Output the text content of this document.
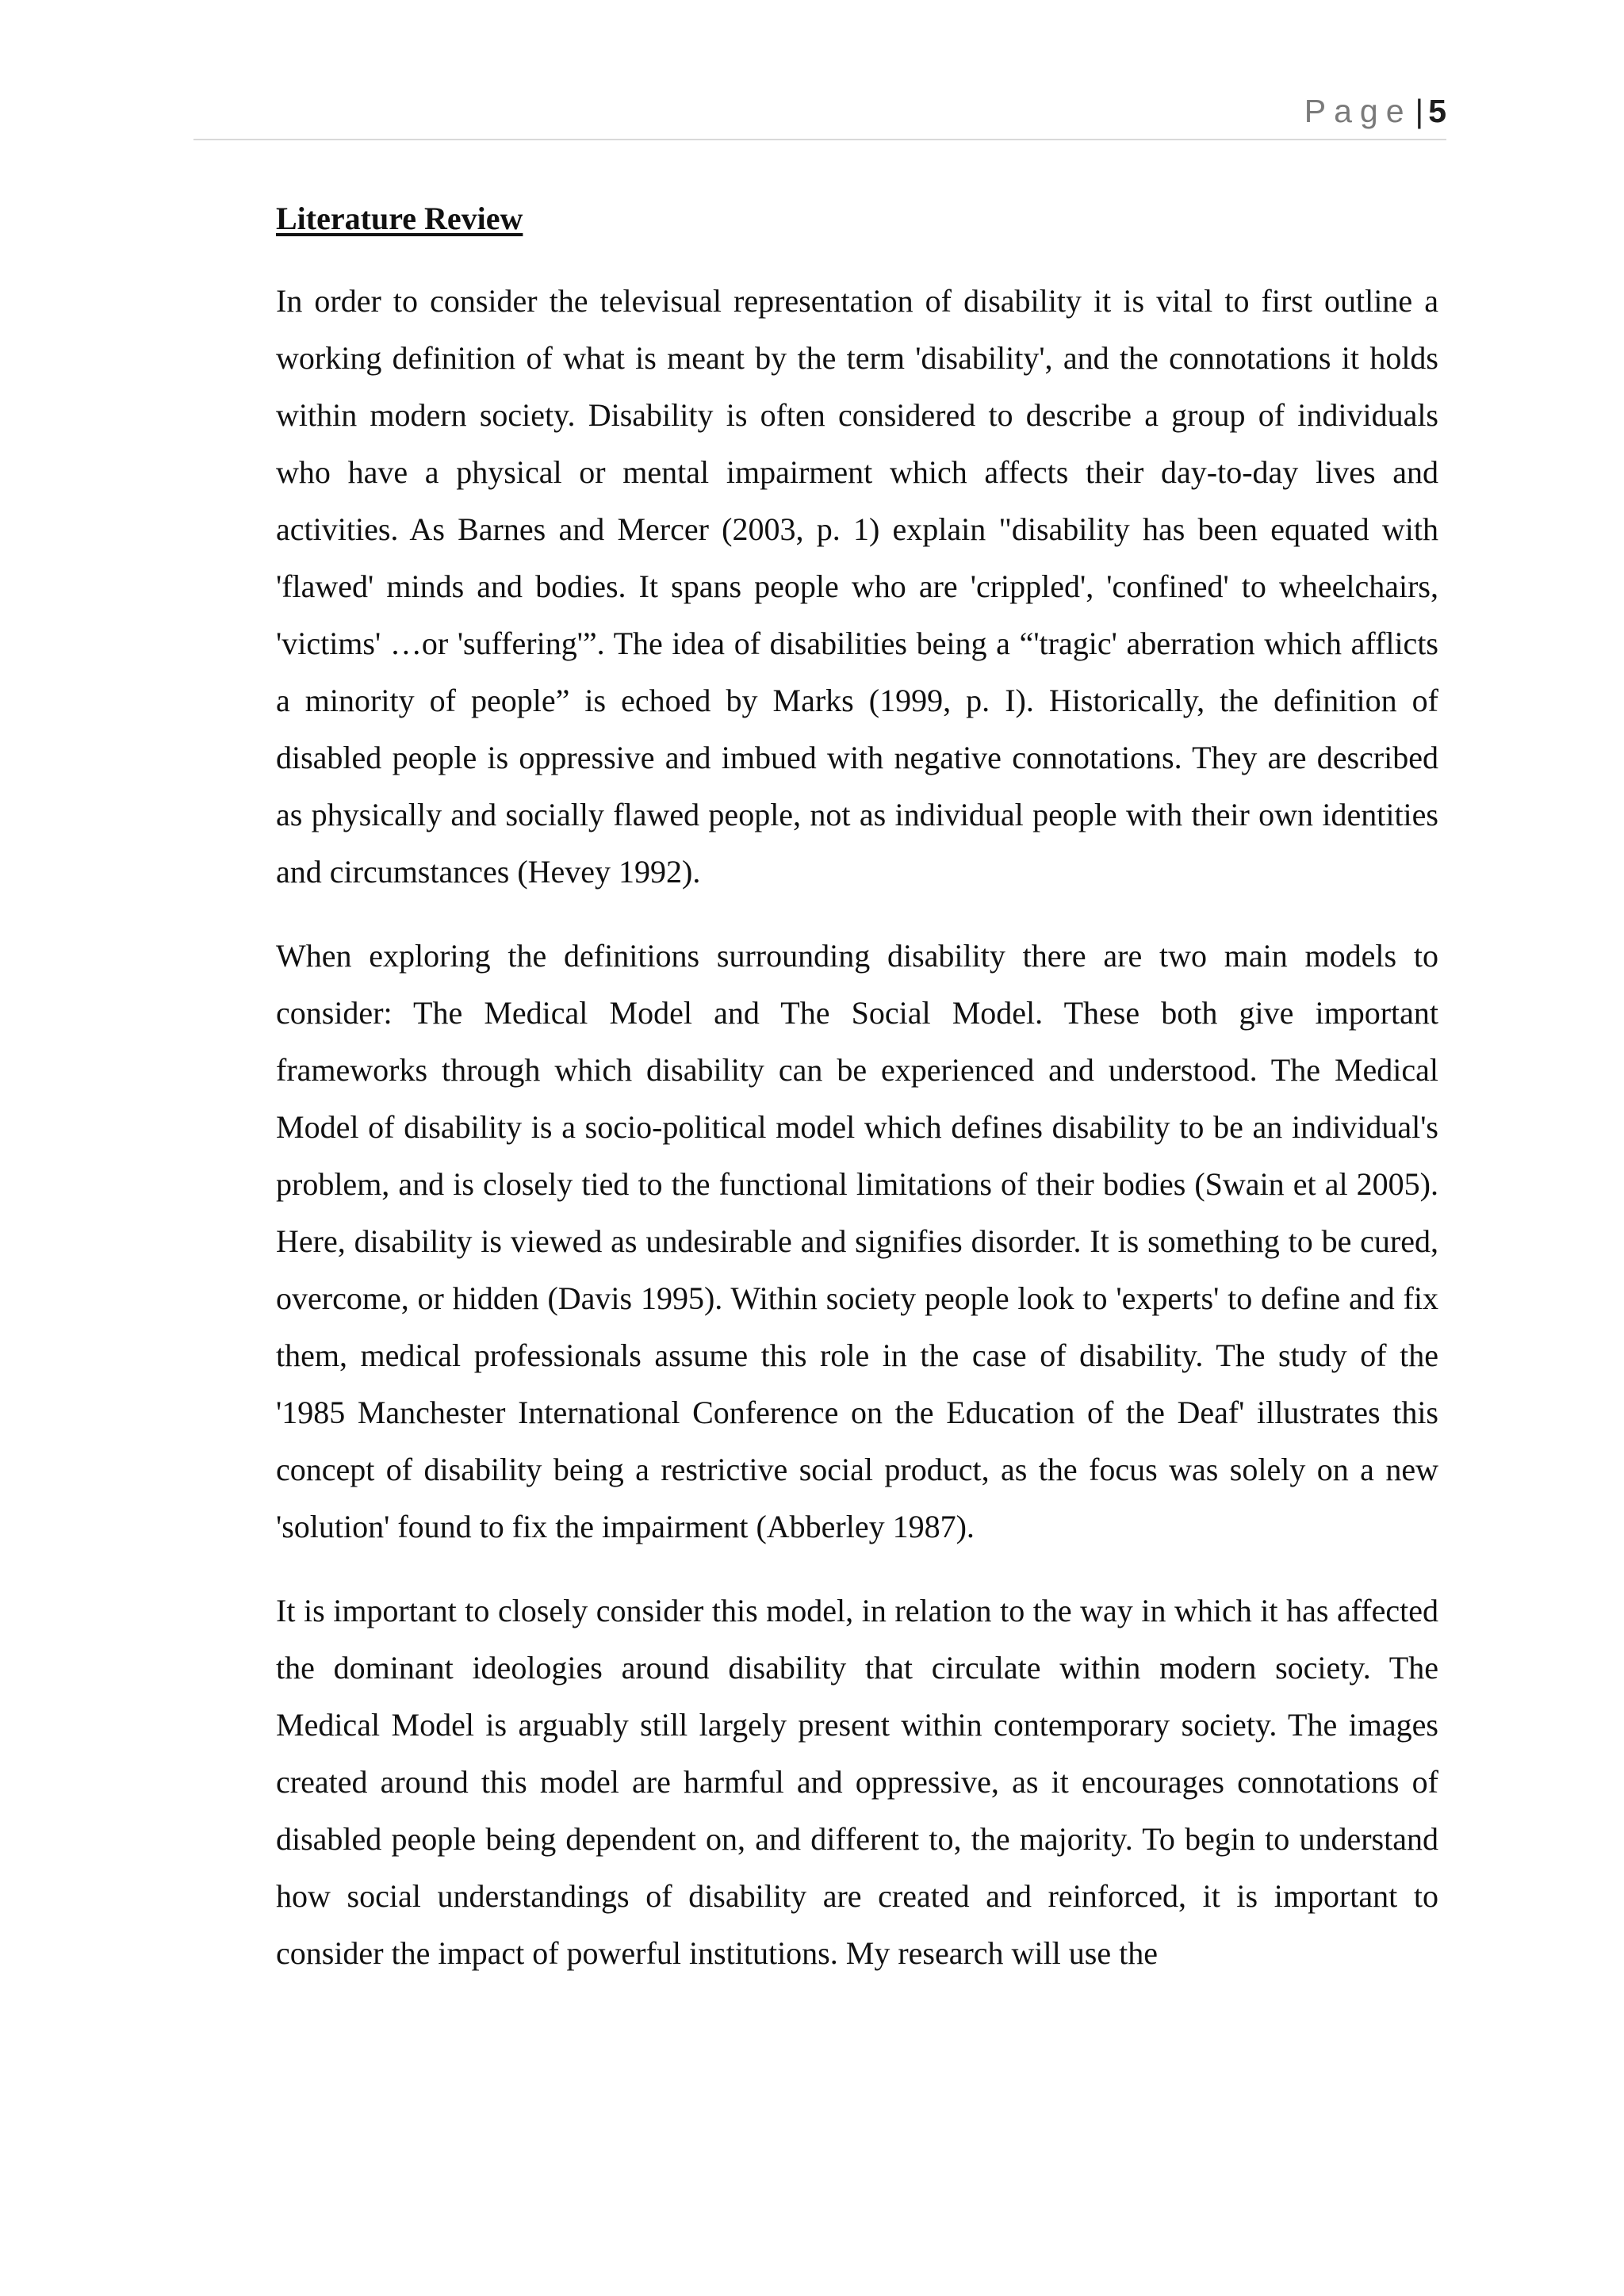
Page| 5
Literature Review

In order to consider the televisual representation of disability it is vital to first outline a working definition of what is meant by the term 'disability', and the connotations it holds within modern society. Disability is often considered to describe a group of individuals who have a physical or mental impairment which affects their day-to-day lives and activities. As Barnes and Mercer (2003, p. 1) explain "disability has been equated with 'flawed' minds and bodies. It spans people who are 'crippled', 'confined' to wheelchairs, 'victims' …or 'suffering'”. The idea of disabilities being a “'tragic' aberration which afflicts a minority of people” is echoed by Marks (1999, p. I). Historically, the definition of disabled people is oppressive and imbued with negative connotations. They are described as physically and socially flawed people, not as individual people with their own identities and circumstances (Hevey 1992).

When exploring the definitions surrounding disability there are two main models to consider: The Medical Model and The Social Model. These both give important frameworks through which disability can be experienced and understood. The Medical Model of disability is a socio-political model which defines disability to be an individual's problem, and is closely tied to the functional limitations of their bodies (Swain et al 2005). Here, disability is viewed as undesirable and signifies disorder. It is something to be cured, overcome, or hidden (Davis 1995). Within society people look to 'experts' to define and fix them, medical professionals assume this role in the case of disability. The study of the '1985 Manchester International Conference on the Education of the Deaf' illustrates this concept of disability being a restrictive social product, as the focus was solely on a new 'solution' found to fix the impairment (Abberley 1987).

It is important to closely consider this model, in relation to the way in which it has affected the dominant ideologies around disability that circulate within modern society. The Medical Model is arguably still largely present within contemporary society. The images created around this model are harmful and oppressive, as it encourages connotations of disabled people being dependent on, and different to, the majority. To begin to understand how social understandings of disability are created and reinforced, it is important to consider the impact of powerful institutions. My research will use the
